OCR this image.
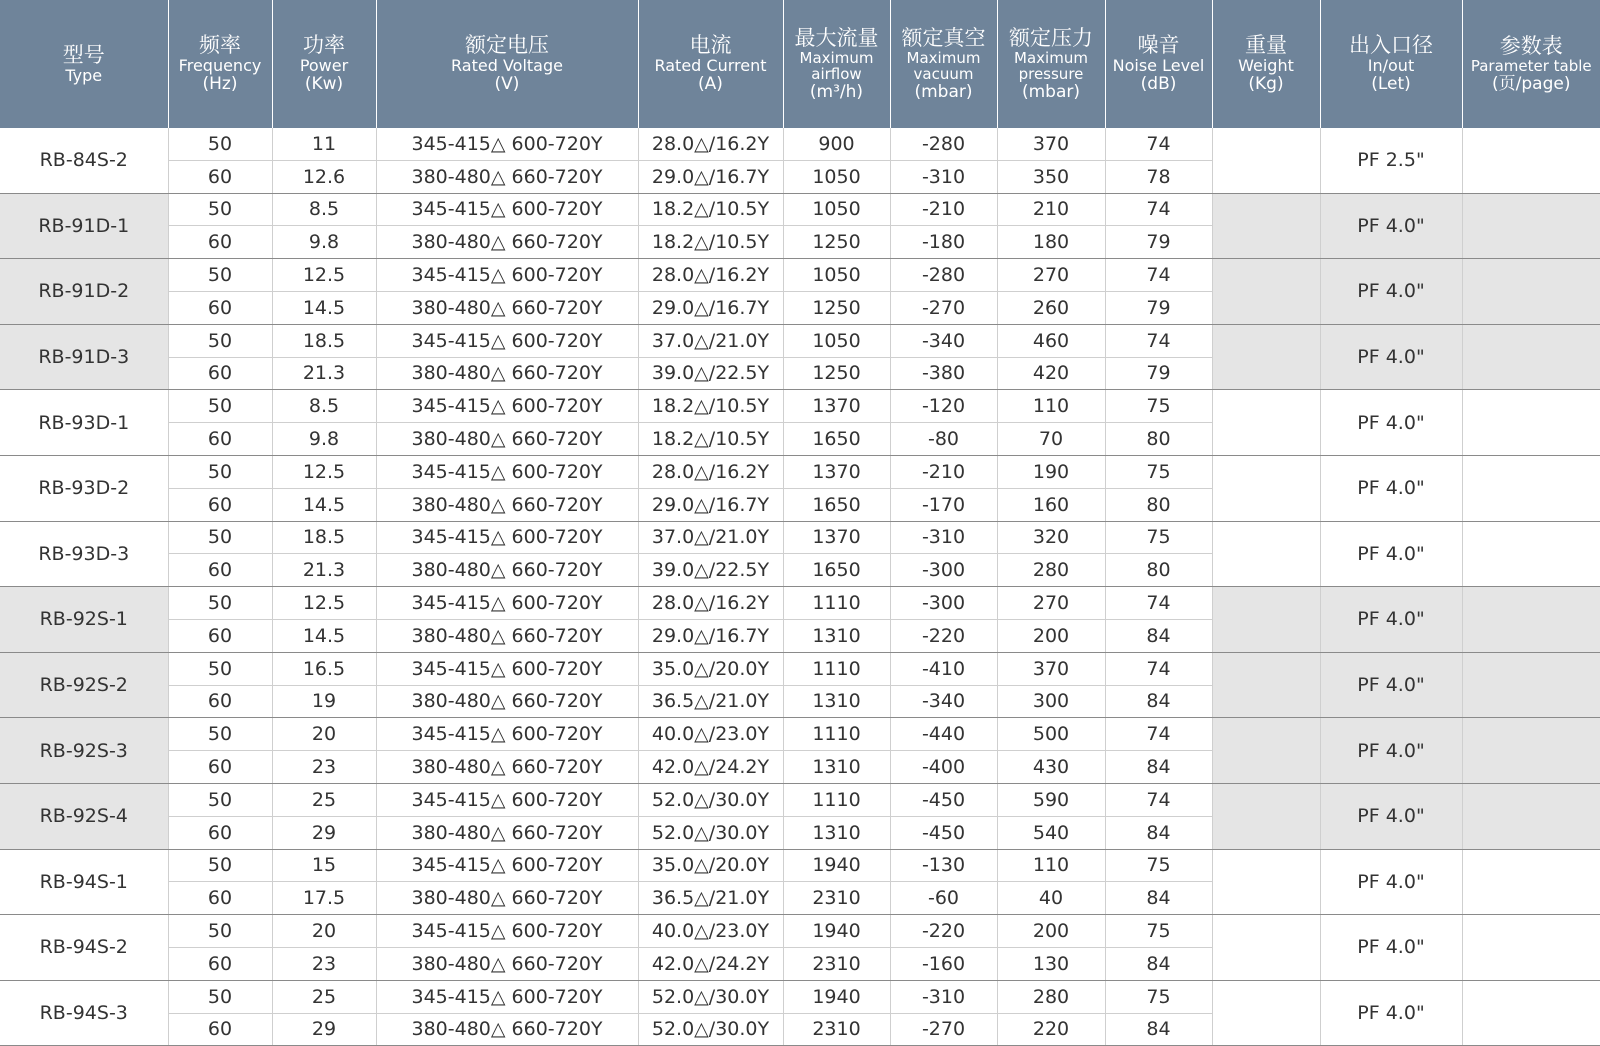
型号
Type	频率
Frequency
(Hz)	功率
Power
(Kw)	额定电压
Rated Voltage
(V)	电流
Rated Current
(A)	最大流量
Maximum airflow
(m³/h)	额定真空
Maximum vacuum
(mbar)	额定压力
Maximum pressure
(mbar)	噪音
Noise Level
(dB)	重量
Weight
(Kg)	出入口径
In/out
(Let)	参数表
Parameter table
(页/page)

RB-84S-2	50	11	345-415△ 600-720Y	28.0△/16.2Y	900	-280	370	74		PF 2.5"	
	60	12.6	380-480△ 660-720Y	29.0△/16.7Y	1050	-310	350	78			
RB-91D-1	50	8.5	345-415△ 600-720Y	18.2△/10.5Y	1050	-210	210	74		PF 4.0"	
	60	9.8	380-480△ 660-720Y	18.2△/10.5Y	1250	-180	180	79			
RB-91D-2	50	12.5	345-415△ 600-720Y	28.0△/16.2Y	1050	-280	270	74		PF 4.0"	
	60	14.5	380-480△ 660-720Y	29.0△/16.7Y	1250	-270	260	79			
RB-91D-3	50	18.5	345-415△ 600-720Y	37.0△/21.0Y	1050	-340	460	74		PF 4.0"	
	60	21.3	380-480△ 660-720Y	39.0△/22.5Y	1250	-380	420	79			
RB-93D-1	50	8.5	345-415△ 600-720Y	18.2△/10.5Y	1370	-120	110	75		PF 4.0"	
	60	9.8	380-480△ 660-720Y	18.2△/10.5Y	1650	-80	70	80			
RB-93D-2	50	12.5	345-415△ 600-720Y	28.0△/16.2Y	1370	-210	190	75		PF 4.0"	
	60	14.5	380-480△ 660-720Y	29.0△/16.7Y	1650	-170	160	80			
RB-93D-3	50	18.5	345-415△ 600-720Y	37.0△/21.0Y	1370	-310	320	75		PF 4.0"	
	60	21.3	380-480△ 660-720Y	39.0△/22.5Y	1650	-300	280	80			
RB-92S-1	50	12.5	345-415△ 600-720Y	28.0△/16.2Y	1110	-300	270	74		PF 4.0"	
	60	14.5	380-480△ 660-720Y	29.0△/16.7Y	1310	-220	200	84			
RB-92S-2	50	16.5	345-415△ 600-720Y	35.0△/20.0Y	1110	-410	370	74		PF 4.0"	
	60	19	380-480△ 660-720Y	36.5△/21.0Y	1310	-340	300	84			
RB-92S-3	50	20	345-415△ 600-720Y	40.0△/23.0Y	1110	-440	500	74		PF 4.0"	
	60	23	380-480△ 660-720Y	42.0△/24.2Y	1310	-400	430	84			
RB-92S-4	50	25	345-415△ 600-720Y	52.0△/30.0Y	1110	-450	590	74		PF 4.0"	
	60	29	380-480△ 660-720Y	52.0△/30.0Y	1310	-450	540	84			
RB-94S-1	50	15	345-415△ 600-720Y	35.0△/20.0Y	1940	-130	110	75		PF 4.0"	
	60	17.5	380-480△ 660-720Y	36.5△/21.0Y	2310	-60	40	84			
RB-94S-2	50	20	345-415△ 600-720Y	40.0△/23.0Y	1940	-220	200	75		PF 4.0"	
	60	23	380-480△ 660-720Y	42.0△/24.2Y	2310	-160	130	84			
RB-94S-3	50	25	345-415△ 600-720Y	52.0△/30.0Y	1940	-310	280	75		PF 4.0"	
	60	29	380-480△ 660-720Y	52.0△/30.0Y	2310	-270	220	84			
